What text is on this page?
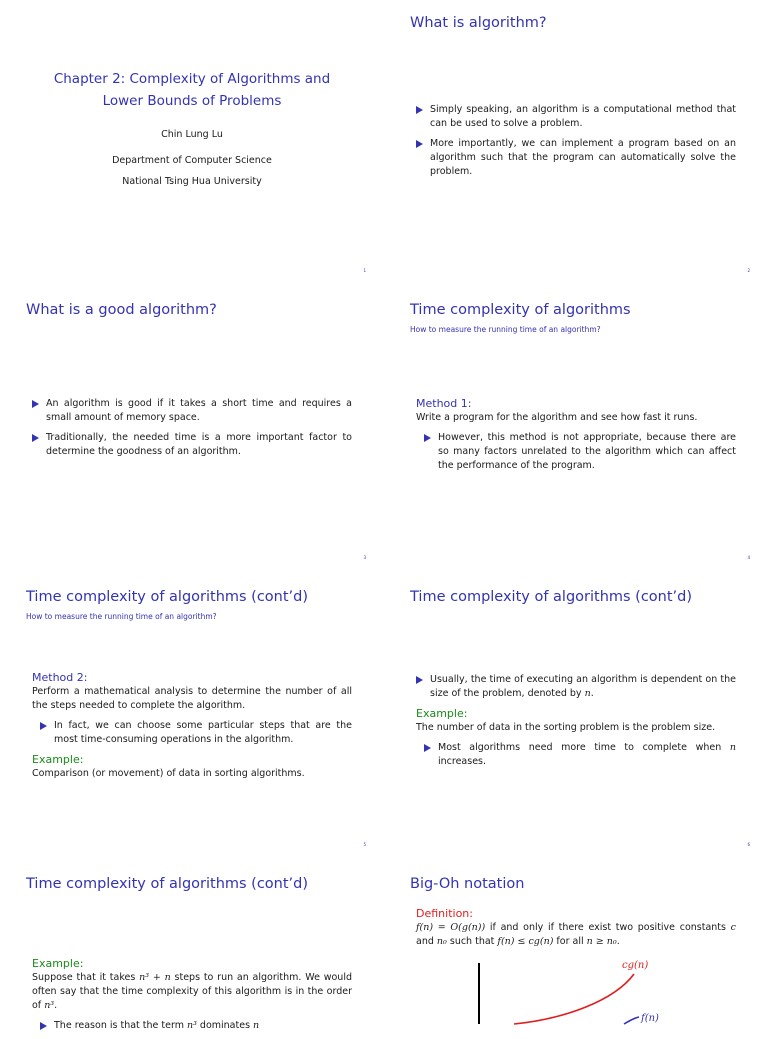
Chapter 2: Complexity of Algorithms and
Lower Bounds of Problems
Chin Lung Lu
Department of Computer Science
National Tsing Hua University
1
What is algorithm?
Simply speaking, an algorithm is a computational method that can be used to solve a problem.
More importantly, we can implement a program based on an algorithm such that the program can automatically solve the problem.
2
What is a good algorithm?
An algorithm is good if it takes a short time and requires a small amount of memory space.
Traditionally, the needed time is a more important factor to determine the goodness of an algorithm.
3
Time complexity of algorithms
How to measure the running time of an algorithm?
Method 1:

Write a program for the algorithm and see how fast it runs.

However, this method is not appropriate, because there are so many factors unrelated to the algorithm which can affect the performance of the program.
4
Time complexity of algorithms (cont’d)
How to measure the running time of an algorithm?
Method 2:

Perform a mathematical analysis to determine the number of all the steps needed to complete the algorithm.

In fact, we can choose some particular steps that are the most time-consuming operations in the algorithm.
Example:

Comparison (or movement) of data in sorting algorithms.

5
Time complexity of algorithms (cont’d)
Usually, the time of executing an algorithm is dependent on the size of the problem, denoted by n.
Example:

The number of data in the sorting problem is the problem size.

Most algorithms need more time to complete when n increases.
6
Time complexity of algorithms (cont’d)
Example:

Suppose that it takes n³ + n steps to run an algorithm. We would often say that the time complexity of this algorithm is in the order of n³.

The reason is that the term n³ dominates n
Big-Oh notation
Definition:

f(n) = O(g(n)) if and only if there exist two positive constants c and n₀ such that f(n) ≤ cg(n) for all n ≥ n₀.

cg(n)
f(n)
